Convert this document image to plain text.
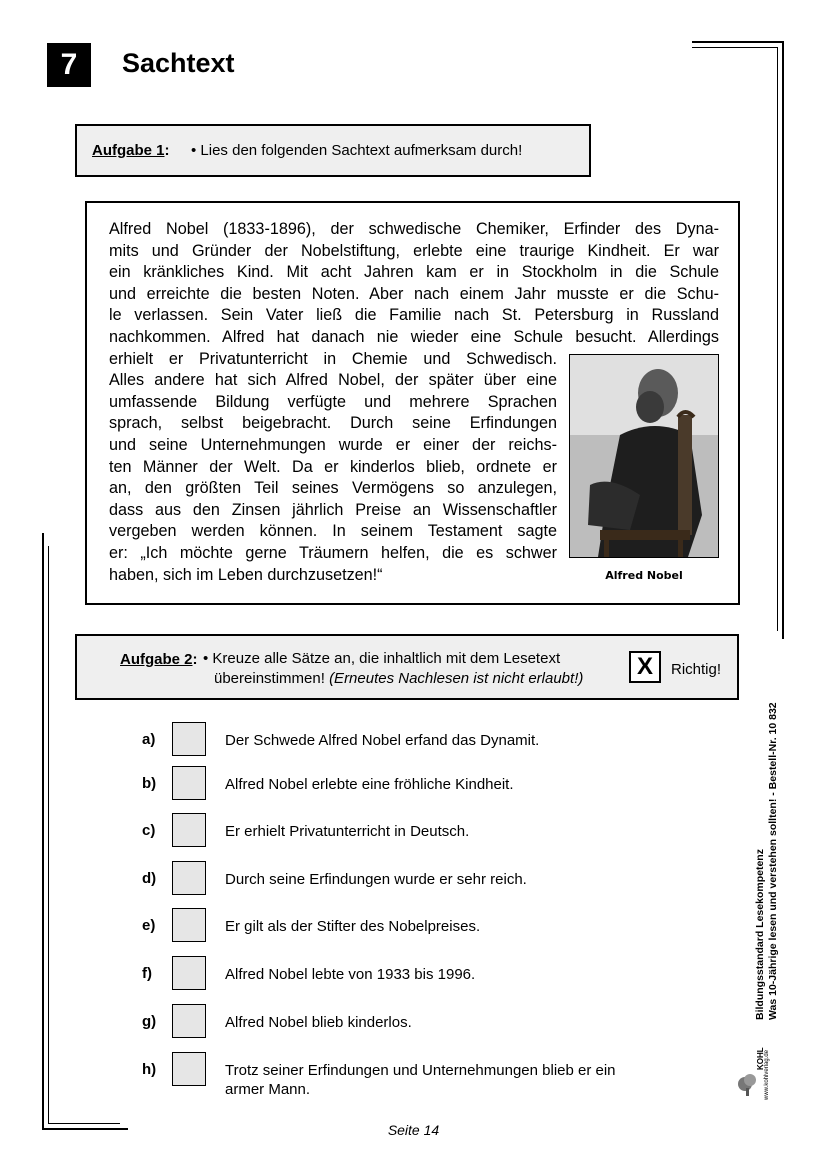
7	Sachtext
Aufgabe 1: • Lies den folgenden Sachtext aufmerksam durch!
Alfred Nobel (1833-1896), der schwedische Chemiker, Erfinder des Dyna-
mits und Gründer der Nobelstiftung, erlebte eine traurige Kindheit. Er war
ein kränkliches Kind. Mit acht Jahren kam er in Stockholm in die Schule
und erreichte die besten Noten. Aber nach einem Jahr musste er die Schu-
le verlassen. Sein Vater ließ die Familie nach St. Petersburg in Russland
nachkommen. Alfred hat danach nie wieder eine Schule besucht. Allerdings
Alfred Nobel
erhielt er Privatunterricht in Chemie und Schwedisch.
Alles andere hat sich Alfred Nobel, der später über eine
umfassende Bildung verfügte und mehrere Sprachen
sprach, selbst beigebracht. Durch seine Erfindungen
und seine Unternehmungen wurde er einer der reichs-
ten Männer der Welt. Da er kinderlos blieb, ordnete er
an, den größten Teil seines Vermögens so anzulegen,
dass aus den Zinsen jährlich Preise an Wissenschaftler
vergeben werden können. In seinem Testament sagte
er: „Ich möchte gerne Träumern helfen, die es schwer
haben, sich im Leben durchzusetzen!“
Aufgabe 2: • Kreuze alle Sätze an, die inhaltlich mit dem Lesetext
übereinstimmen! (Erneutes Nachlesen ist nicht erlaubt!)	X	Richtig!
a)	Der Schwede Alfred Nobel erfand das Dynamit.
b)	Alfred Nobel erlebte eine fröhliche Kindheit.
c)	Er erhielt Privatunterricht in Deutsch.
d)	Durch seine Erfindungen wurde er sehr reich.
e)	Er gilt als der Stifter des Nobelpreises.
f)	Alfred Nobel lebte von 1933 bis 1996.
g)	Alfred Nobel blieb kinderlos.
h)	Trotz seiner Erfindungen und Unternehmungen blieb er ein armer Mann.
Bildungsstandard Lesekompetenz Was 10-Jährige lesen und verstehen sollten! - Bestell-Nr. 10 832
KOHL www.kohlverlag.de
Seite 14
